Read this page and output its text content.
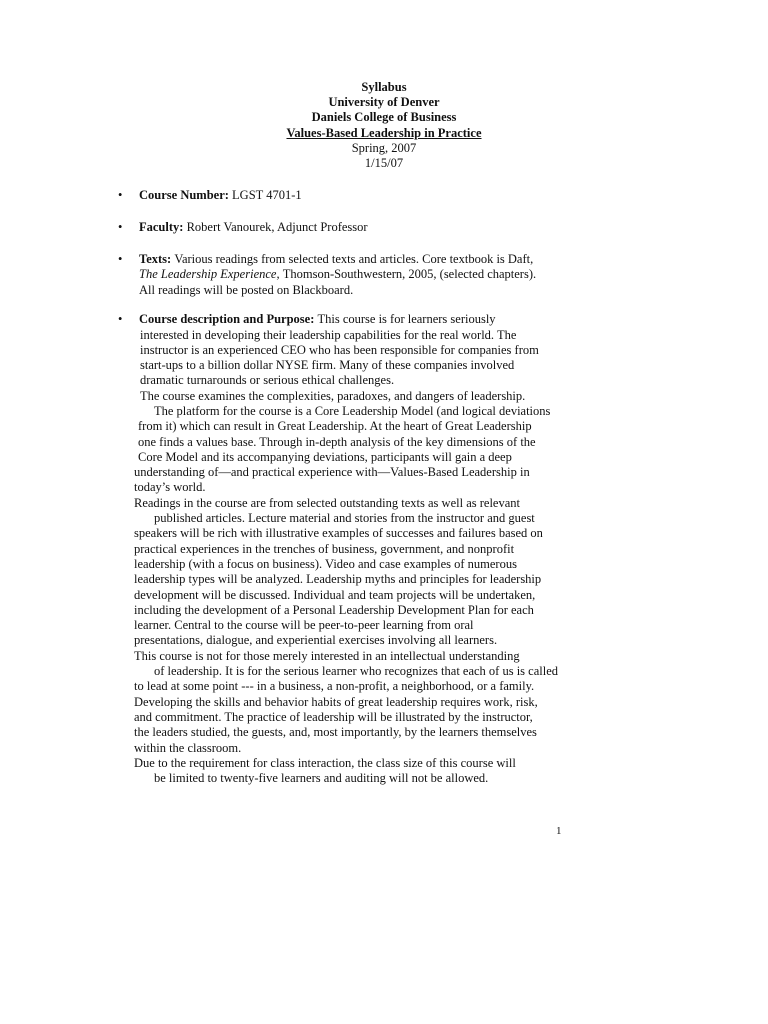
Syllabus
University of Denver
Daniels College of Business
Values-Based Leadership in Practice
Spring, 2007
1/15/07
•	Course Number: LGST 4701-1
•	Faculty: Robert Vanourek, Adjunct Professor
•	Texts: Various readings from selected texts and articles. Core textbook is Daft,
The Leadership Experience, Thomson-Southwestern, 2005, (selected chapters).
All readings will be posted on Blackboard.
•	Course description and Purpose: This course is for learners seriously
interested in developing their leadership capabilities for the real world. The
instructor is an experienced CEO who has been responsible for companies from
start-ups to a billion dollar NYSE firm. Many of these companies involved
dramatic turnarounds or serious ethical challenges.
The course examines the complexities, paradoxes, and dangers of leadership.
The platform for the course is a Core Leadership Model (and logical deviations
from it) which can result in Great Leadership. At the heart of Great Leadership
one finds a values base. Through in-depth analysis of the key dimensions of the
Core Model and its accompanying deviations, participants will gain a deep
understanding of—and practical experience with—Values-Based Leadership in
today’s world.
Readings in the course are from selected outstanding texts as well as relevant
published articles. Lecture material and stories from the instructor and guest
speakers will be rich with illustrative examples of successes and failures based on
practical experiences in the trenches of business, government, and nonprofit
leadership (with a focus on business). Video and case examples of numerous
leadership types will be analyzed. Leadership myths and principles for leadership
development will be discussed. Individual and team projects will be undertaken,
including the development of a Personal Leadership Development Plan for each
learner. Central to the course will be peer-to-peer learning from oral
presentations, dialogue, and experiential exercises involving all learners.
This course is not for those merely interested in an intellectual understanding
of leadership. It is for the serious learner who recognizes that each of us is called
to lead at some point --- in a business, a non-profit, a neighborhood, or a family.
Developing the skills and behavior habits of great leadership requires work, risk,
and commitment. The practice of leadership will be illustrated by the instructor,
the leaders studied, the guests, and, most importantly, by the learners themselves
within the classroom.
Due to the requirement for class interaction, the class size of this course will
be limited to twenty-five learners and auditing will not be allowed.
1
